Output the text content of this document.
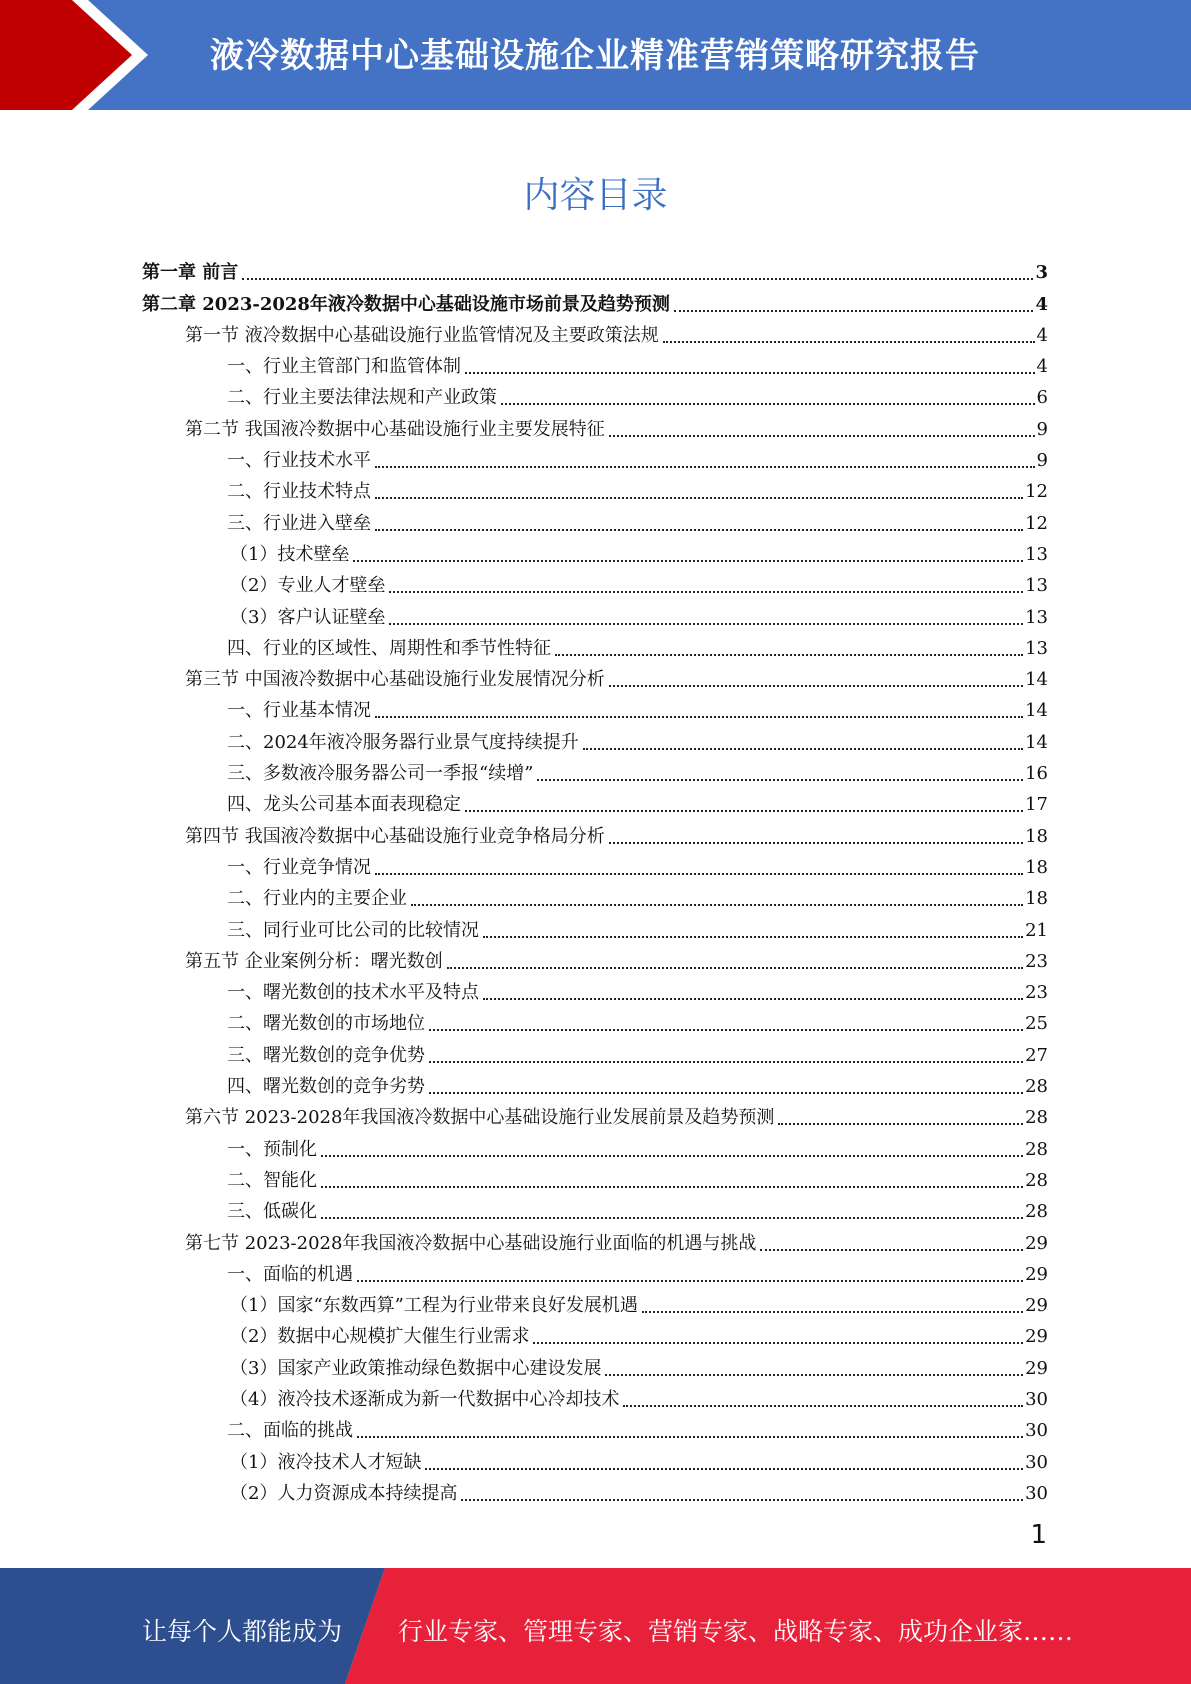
液冷数据中心基础设施企业精准营销策略研究报告
内容目录
第一章 前言	3
第二章 2023-2028年液冷数据中心基础设施市场前景及趋势预测	4
第一节 液冷数据中心基础设施行业监管情况及主要政策法规	4
一、行业主管部门和监管体制	4
二、行业主要法律法规和产业政策	6
第二节 我国液冷数据中心基础设施行业主要发展特征	9
一、行业技术水平	9
二、行业技术特点	12
三、行业进入壁垒	12
（1）技术壁垒	13
（2）专业人才壁垒	13
（3）客户认证壁垒	13
四、行业的区域性、周期性和季节性特征	13
第三节 中国液冷数据中心基础设施行业发展情况分析	14
一、行业基本情况	14
二、2024年液冷服务器行业景气度持续提升	14
三、多数液冷服务器公司一季报“续增”	16
四、龙头公司基本面表现稳定	17
第四节 我国液冷数据中心基础设施行业竞争格局分析	18
一、行业竞争情况	18
二、行业内的主要企业	18
三、同行业可比公司的比较情况	21
第五节 企业案例分析：曙光数创	23
一、曙光数创的技术水平及特点	23
二、曙光数创的市场地位	25
三、曙光数创的竞争优势	27
四、曙光数创的竞争劣势	28
第六节 2023-2028年我国液冷数据中心基础设施行业发展前景及趋势预测	28
一、预制化	28
二、智能化	28
三、低碳化	28
第七节 2023-2028年我国液冷数据中心基础设施行业面临的机遇与挑战	29
一、面临的机遇	29
（1）国家“东数西算”工程为行业带来良好发展机遇	29
（2）数据中心规模扩大催生行业需求	29
（3）国家产业政策推动绿色数据中心建设发展	29
（4）液冷技术逐渐成为新一代数据中心冷却技术	30
二、面临的挑战	30
（1）液冷技术人才短缺	30
（2）人力资源成本持续提高	30
1
让每个人都能成为 行业专家、管理专家、营销专家、战略专家、成功企业家……
